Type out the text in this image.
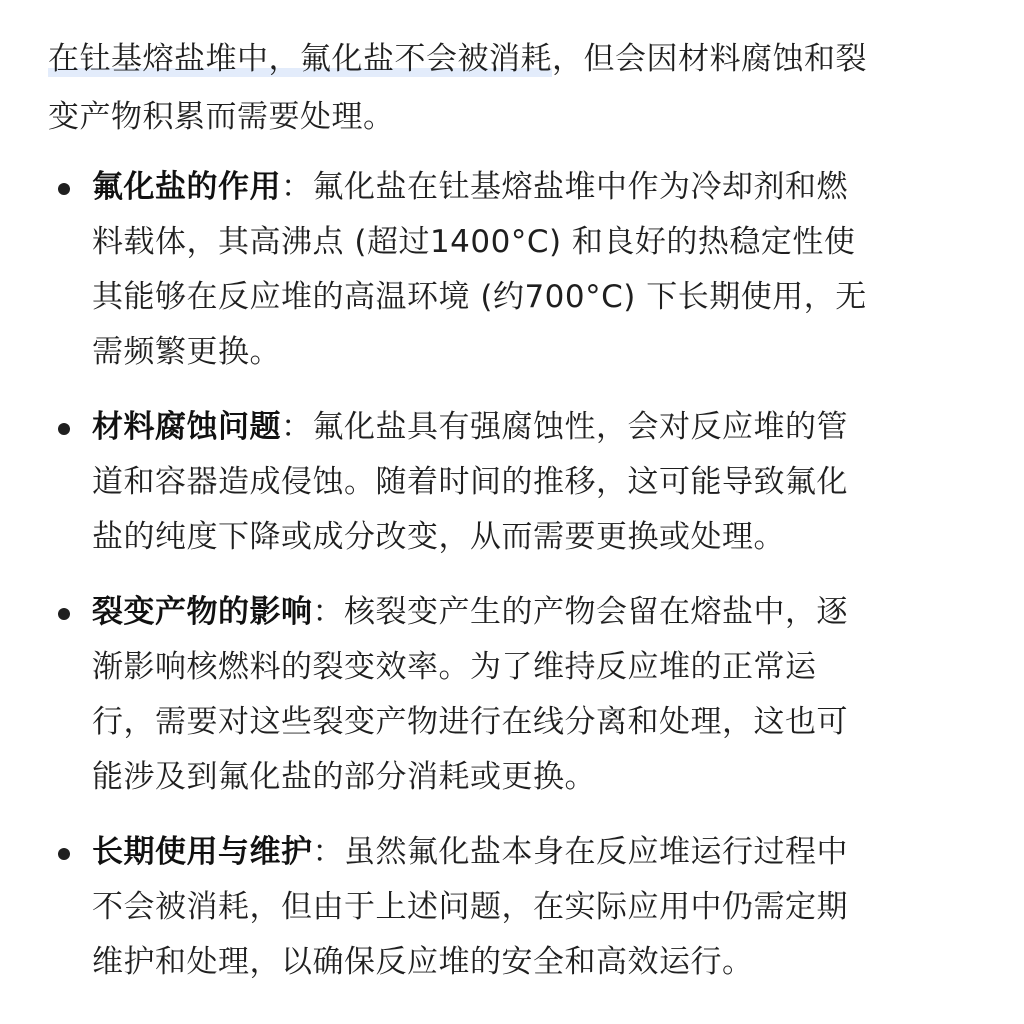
在钍基熔盐堆中，氟化盐不会被消耗，但会因材料腐蚀和裂
变产物积累而需要处理。

氟化盐的作用：氟化盐在钍基熔盐堆中作为冷却剂和燃
料载体，其高沸点 (超过1400°C) 和良好的热稳定性使
其能够在反应堆的高温环境 (约700°C) 下长期使用，无
需频繁更换。
材料腐蚀问题：氟化盐具有强腐蚀性，会对反应堆的管
道和容器造成侵蚀。随着时间的推移，这可能导致氟化
盐的纯度下降或成分改变，从而需要更换或处理。
裂变产物的影响：核裂变产生的产物会留在熔盐中，逐
渐影响核燃料的裂变效率。为了维持反应堆的正常运
行，需要对这些裂变产物进行在线分离和处理，这也可
能涉及到氟化盐的部分消耗或更换。
长期使用与维护：虽然氟化盐本身在反应堆运行过程中
不会被消耗，但由于上述问题，在实际应用中仍需定期
维护和处理，以确保反应堆的安全和高效运行。
